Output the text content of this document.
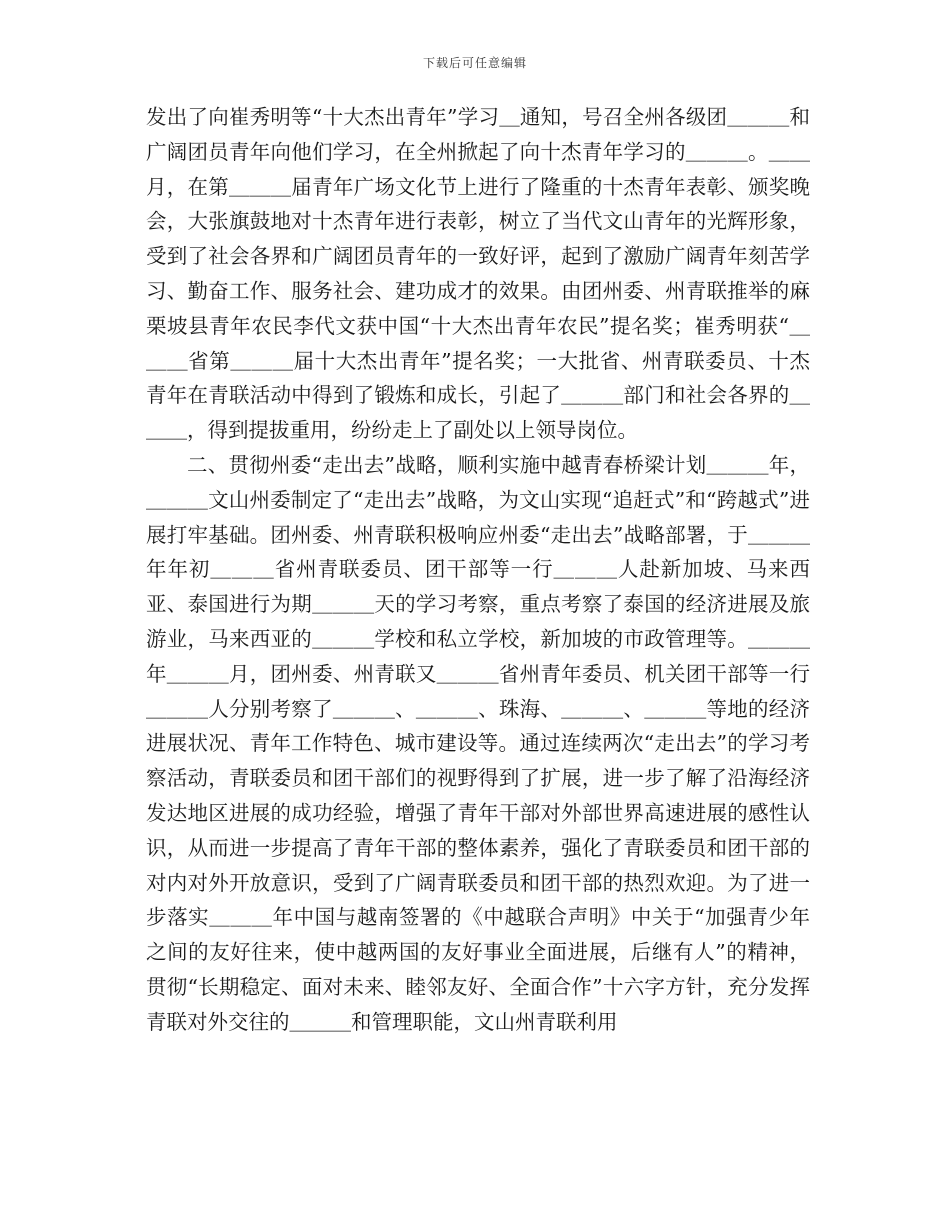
下载后可任意编辑

发出了向崔秀明等“十大杰出青年”学习＿通知，号召全州各级团＿＿＿和广阔团员青年向他们学习，在全州掀起了向十杰青年学习的＿＿＿。＿＿月，在第＿＿＿届青年广场文化节上进行了隆重的十杰青年表彰、颁奖晚会，大张旗鼓地对十杰青年进行表彰，树立了当代文山青年的光辉形象，受到了社会各界和广阔团员青年的一致好评，起到了激励广阔青年刻苦学习、勤奋工作、服务社会、建功成才的效果。由团州委、州青联推举的麻栗坡县青年农民李代文获中国“十大杰出青年农民”提名奖；崔秀明获“＿＿＿省第＿＿＿届十大杰出青年”提名奖；一大批省、州青联委员、十杰青年在青联活动中得到了锻炼和成长，引起了＿＿＿部门和社会各界的＿＿＿，得到提拔重用，纷纷走上了副处以上领导岗位。

二、贯彻州委“走出去”战略，顺利实施中越青春桥梁计划＿＿＿年，＿＿＿文山州委制定了“走出去”战略，为文山实现“追赶式”和“跨越式”进展打牢基础。团州委、州青联积极响应州委“走出去”战略部署，于＿＿＿年年初＿＿＿省州青联委员、团干部等一行＿＿＿人赴新加坡、马来西亚、泰国进行为期＿＿＿天的学习考察，重点考察了泰国的经济进展及旅游业，马来西亚的＿＿＿学校和私立学校，新加坡的市政管理等。＿＿＿年＿＿＿月，团州委、州青联又＿＿＿省州青年委员、机关团干部等一行＿＿＿人分别考察了＿＿＿、＿＿＿、珠海、＿＿＿、＿＿＿等地的经济进展状况、青年工作特色、城市建设等。通过连续两次“走出去”的学习考察活动，青联委员和团干部们的视野得到了扩展，进一步了解了沿海经济发达地区进展的成功经验，增强了青年干部对外部世界高速进展的感性认识，从而进一步提高了青年干部的整体素养，强化了青联委员和团干部的对内对外开放意识，受到了广阔青联委员和团干部的热烈欢迎。为了进一步落实＿＿＿年中国与越南签署的《中越联合声明》中关于“加强青少年之间的友好往来，使中越两国的友好事业全面进展，后继有人”的精神，贯彻“长期稳定、面对未来、睦邻友好、全面合作”十六字方针，充分发挥青联对外交往的＿＿＿和管理职能，文山州青联利用
